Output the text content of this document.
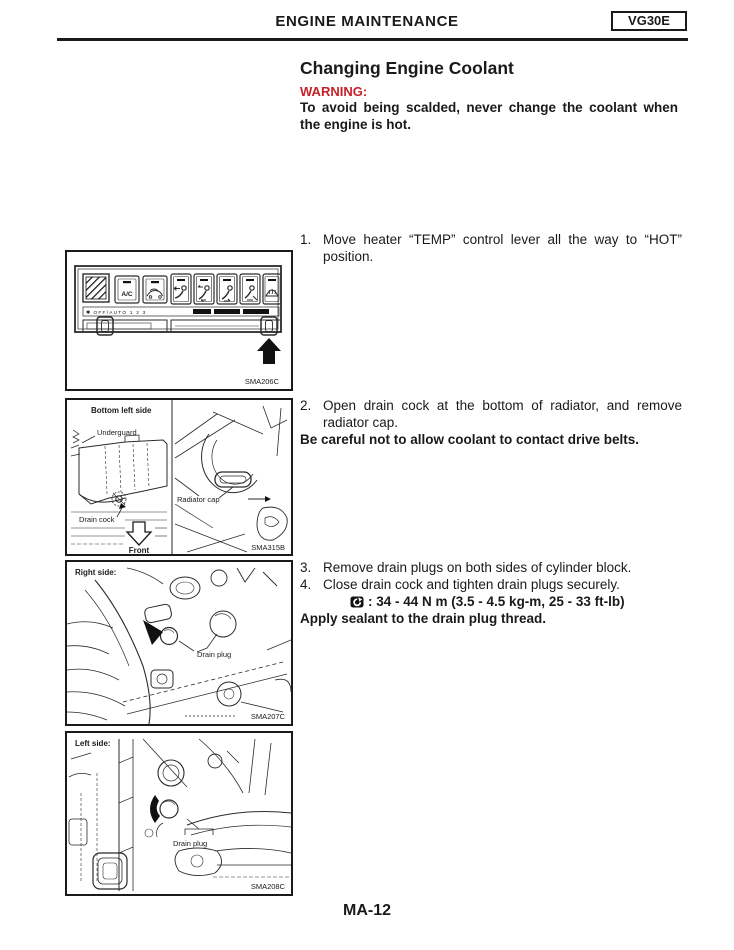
ENGINE MAINTENANCE	VG30E
Changing Engine Coolant
WARNING:
To avoid being scalded, never change the coolant when the engine is hot.
1. Move heater “TEMP” control lever all the way to “HOT” position.
2. Open drain cock at the bottom of radiator, and remove radiator cap.
Be careful not to allow coolant to contact drive belts.
3. Remove drain plugs on both sides of cylinder block.
4. Close drain cock and tighten drain plugs securely.
: 34 - 44 N m (3.5 - 4.5 kg-m, 25 - 33 ft-lb)
Apply sealant to the drain plug thread.
A/C
✱ OFF/AUTO 1 2 3
SMA206C
Bottom left side
Underguard
Drain cock
Front
Radiator cap
SMA315B
Right side:
Drain plug
SMA207C
Left side:
Drain plug
SMA208C
MA-12
